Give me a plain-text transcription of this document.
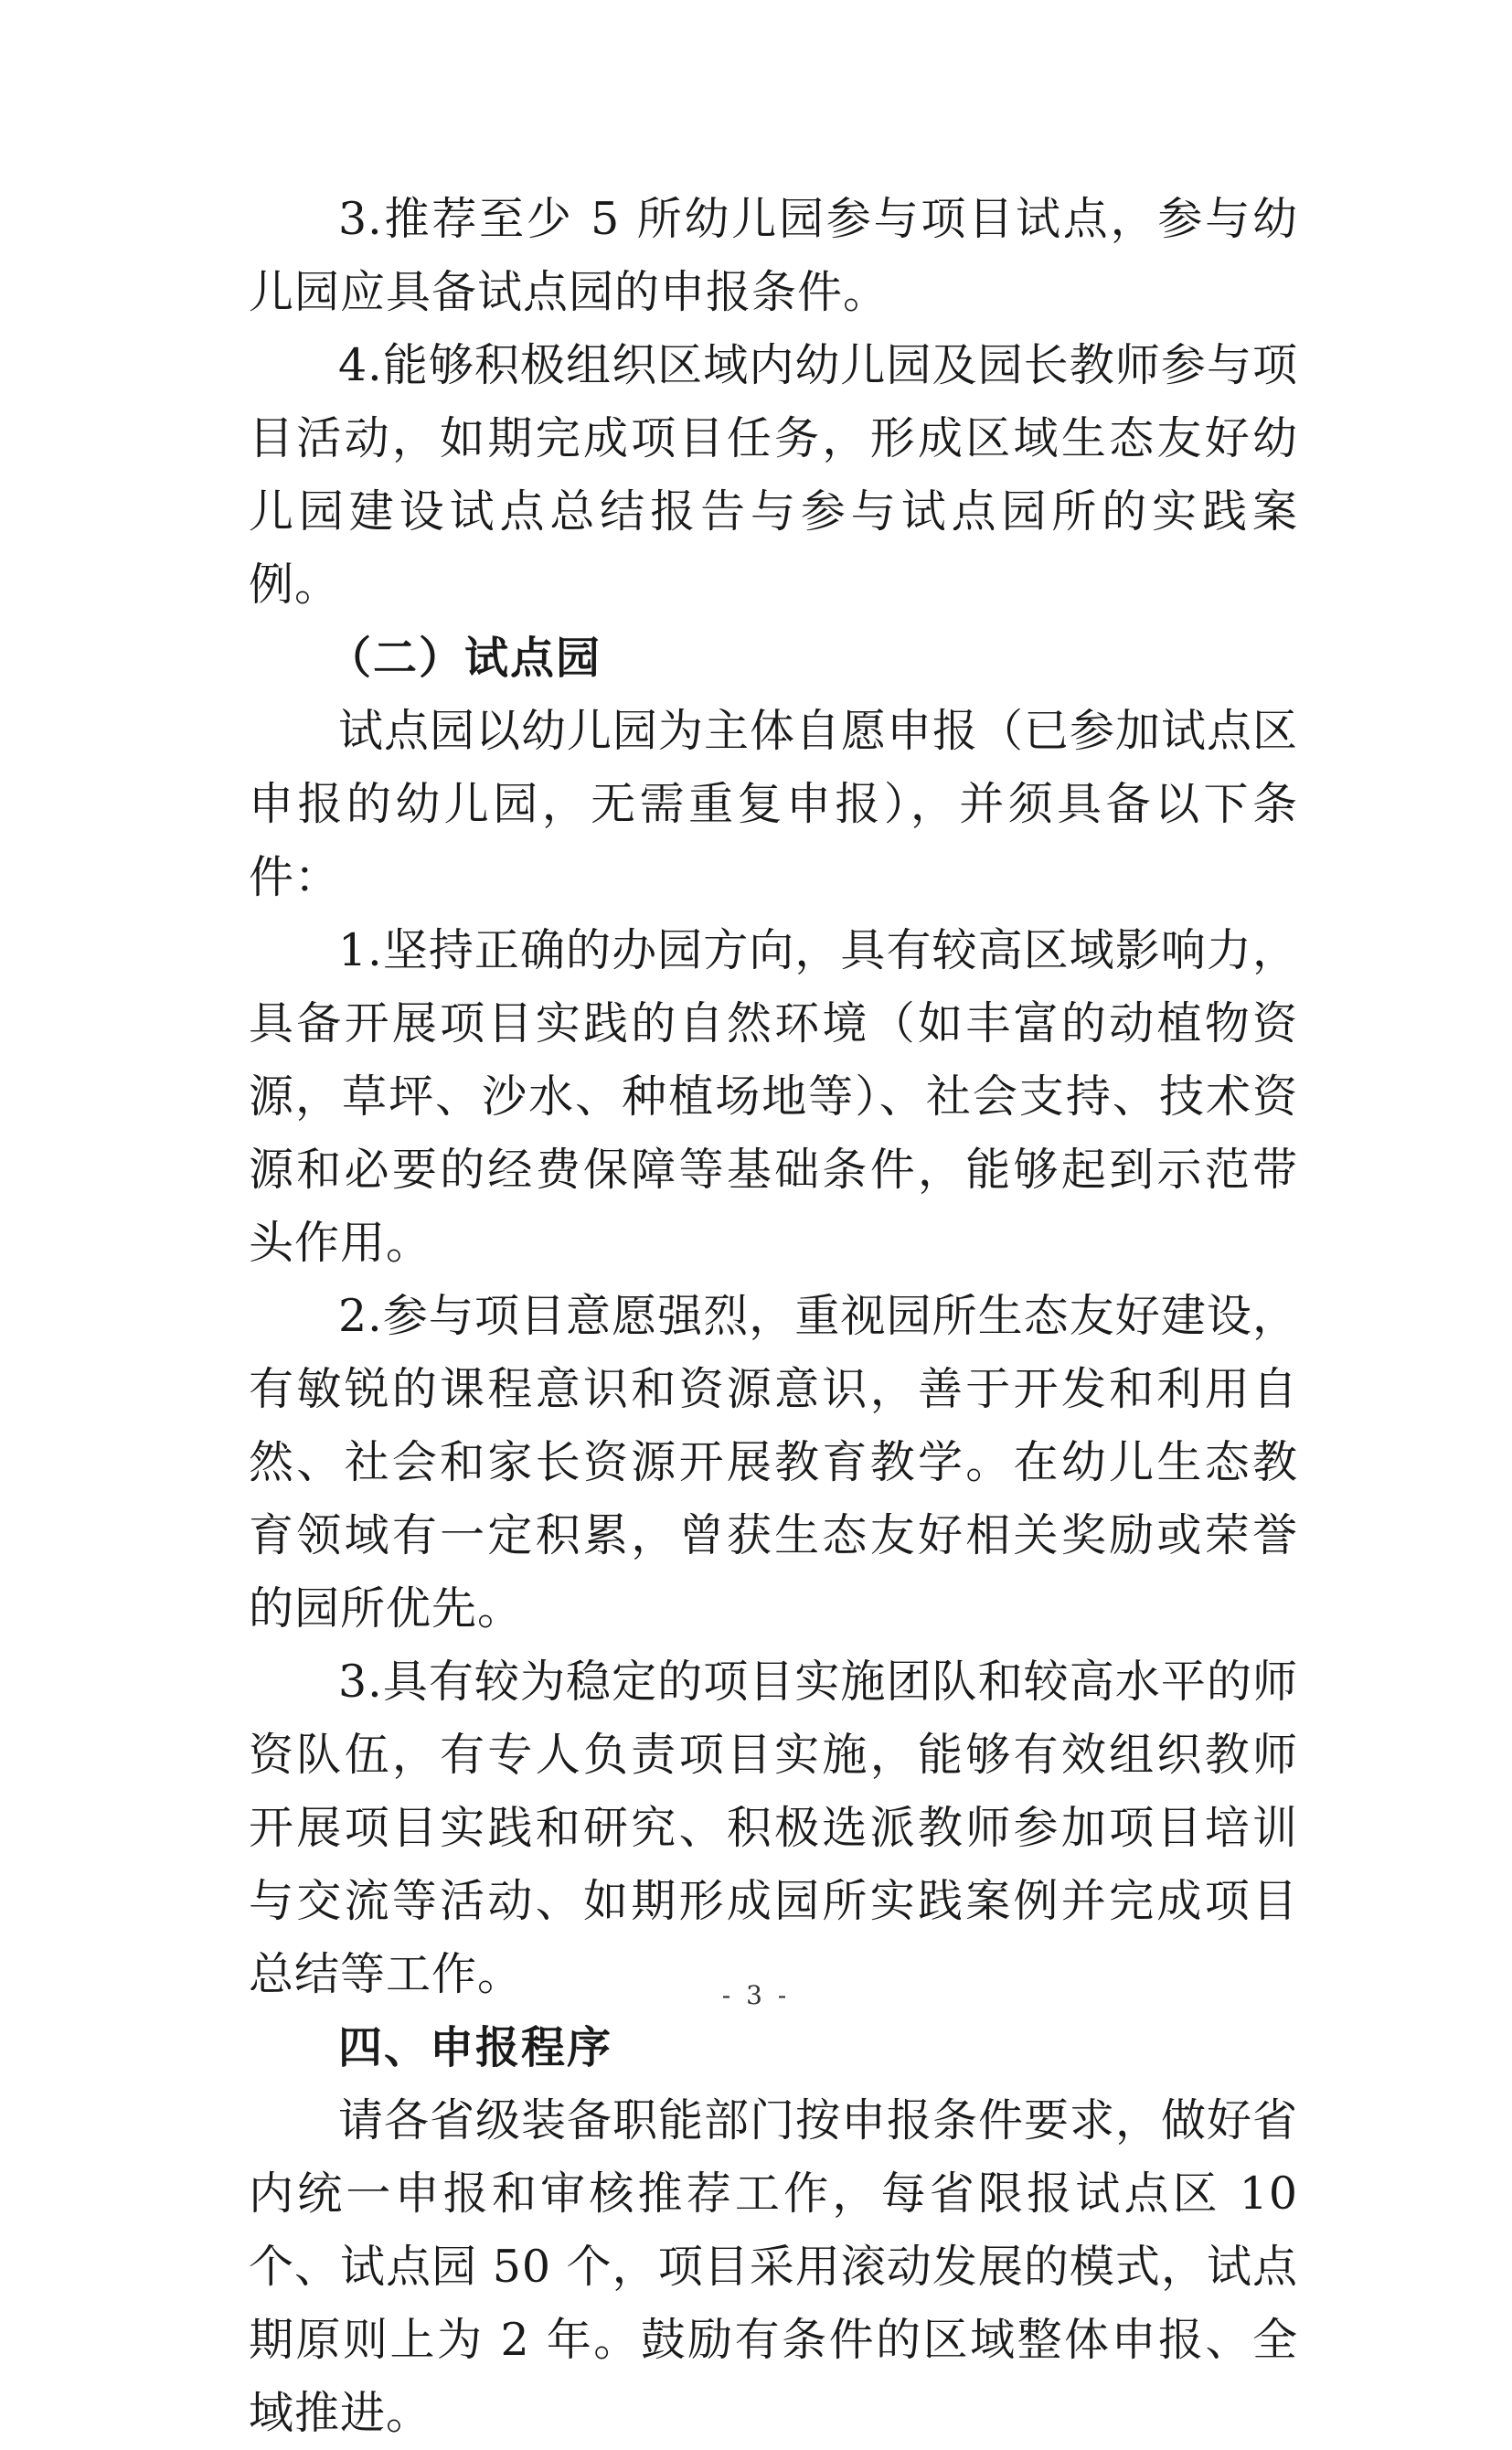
3.推荐至少 5 所幼儿园参与项目试点，参与幼儿园应具备试点园的申报条件。

4.能够积极组织区域内幼儿园及园长教师参与项目活动，如期完成项目任务，形成区域生态友好幼儿园建设试点总结报告与参与试点园所的实践案例。

（二）试点园

试点园以幼儿园为主体自愿申报（已参加试点区申报的幼儿园，无需重复申报），并须具备以下条件：

1.坚持正确的办园方向，具有较高区域影响力，具备开展项目实践的自然环境（如丰富的动植物资源，草坪、沙水、种植场地等）、社会支持、技术资源和必要的经费保障等基础条件，能够起到示范带头作用。

2.参与项目意愿强烈，重视园所生态友好建设，有敏锐的课程意识和资源意识，善于开发和利用自然、社会和家长资源开展教育教学。在幼儿生态教育领域有一定积累，曾获生态友好相关奖励或荣誉的园所优先。

3.具有较为稳定的项目实施团队和较高水平的师资队伍，有专人负责项目实施，能够有效组织教师开展项目实践和研究、积极选派教师参加项目培训与交流等活动、如期形成园所实践案例并完成项目总结等工作。

四、申报程序

请各省级装备职能部门按申报条件要求，做好省内统一申报和审核推荐工作，每省限报试点区 10 个、试点园 50 个，项目采用滚动发展的模式，试点期原则上为 2 年。鼓励有条件的区域整体申报、全域推进。

- 3 -
